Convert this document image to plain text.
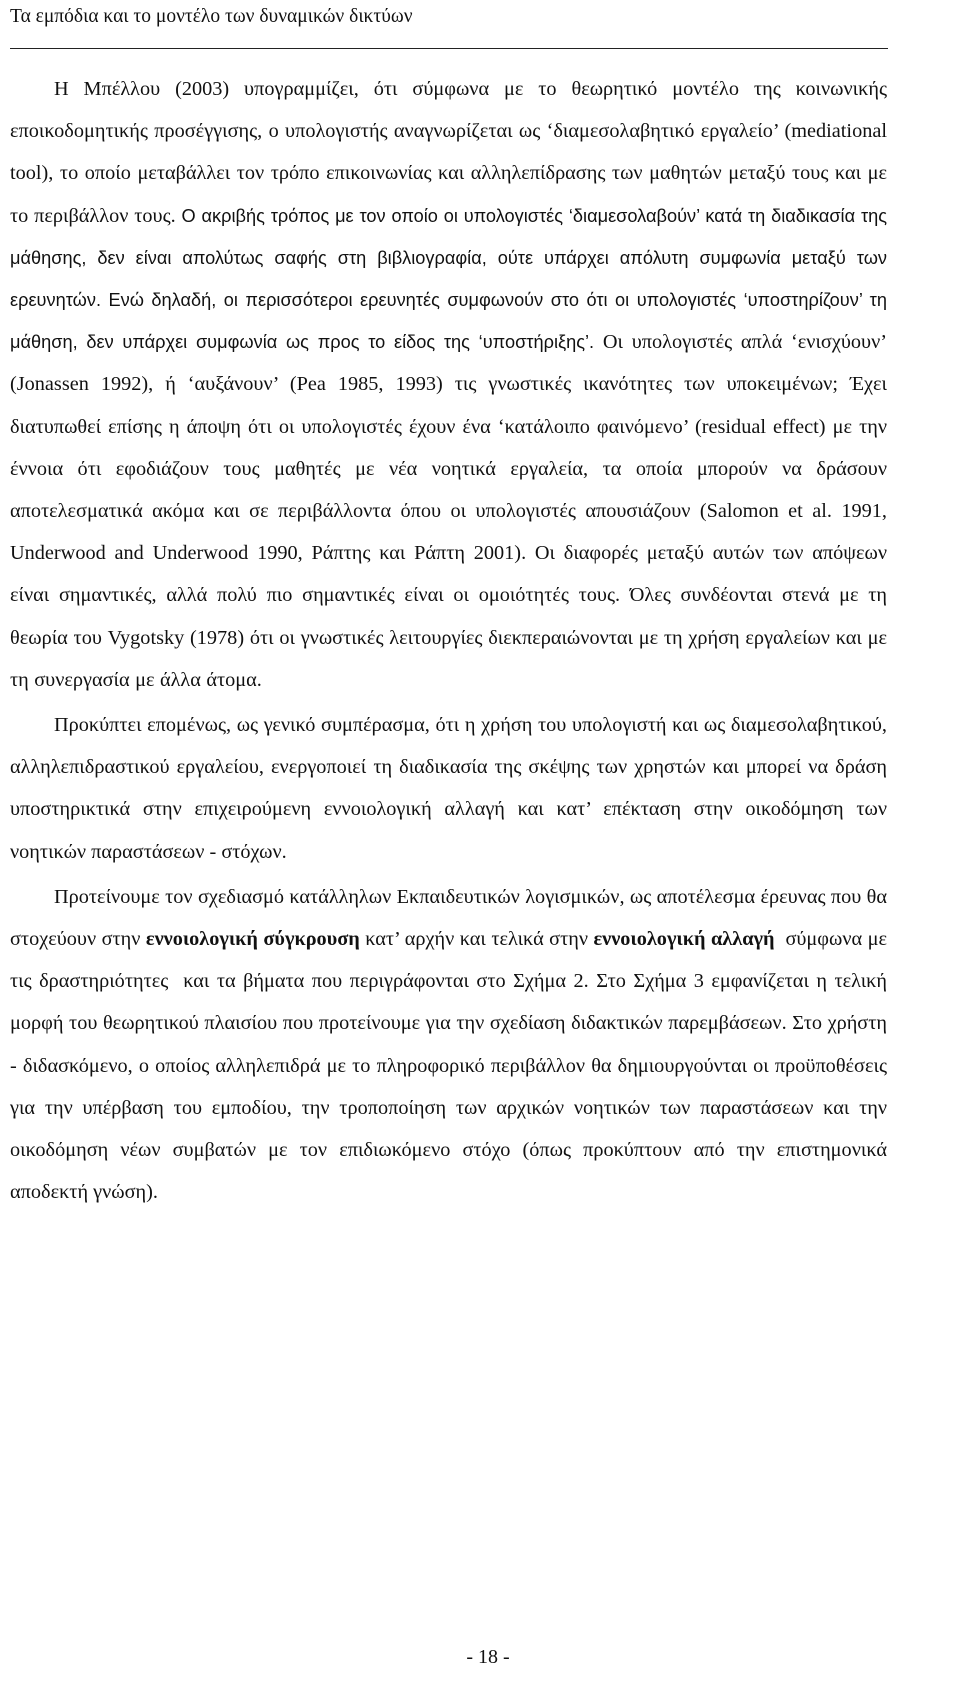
Τα εμπόδια και το μοντέλο των δυναμικών δικτύων

Η Μπέλλου (2003) υπογραμμίζει, ότι σύμφωνα με το θεωρητικό μοντέλο της κοινωνικής εποικοδομητικής προσέγγισης, ο υπολογιστής αναγνωρίζεται ως ‘διαμεσολαβητικό εργαλείο’ (mediational tool), το οποίο μεταβάλλει τον τρόπο επικοινωνίας και αλληλεπίδρασης των μαθητών μεταξύ τους και με το περιβάλλον τους. Ο ακριβής τρόπος με τον οποίο οι υπολογιστές ‘διαμεσολαβούν’ κατά τη διαδικασία της μάθησης, δεν είναι απολύτως σαφής στη βιβλιογραφία, ούτε υπάρχει απόλυτη συμφωνία μεταξύ των ερευνητών. Ενώ δηλαδή, οι περισσότεροι ερευνητές συμφωνούν στο ότι οι υπολογιστές ‘υποστηρίζουν’ τη μάθηση, δεν υπάρχει συμφωνία ως προς το είδος της ‘υποστήριξης’. Οι υπολογιστές απλά ‘ενισχύουν’ (Jonassen 1992), ή ‘αυξάνουν’ (Pea 1985, 1993) τις γνωστικές ικανότητες των υποκειμένων; Έχει διατυπωθεί επίσης η άποψη ότι οι υπολογιστές έχουν ένα ‘κατάλοιπο φαινόμενο’ (residual effect) με την έννοια ότι εφοδιάζουν τους μαθητές με νέα νοητικά εργαλεία, τα οποία μπορούν να δράσουν αποτελεσματικά ακόμα και σε περιβάλλοντα όπου οι υπολογιστές απουσιάζουν (Salomon et al. 1991, Underwood and Underwood 1990, Ράπτης και Ράπτη 2001). Οι διαφορές μεταξύ αυτών των απόψεων είναι σημαντικές, αλλά πολύ πιο σημαντικές είναι οι ομοιότητές τους. Όλες συνδέονται στενά με τη θεωρία του Vygotsky (1978) ότι οι γνωστικές λειτουργίες διεκπεραιώνονται με τη χρήση εργαλείων και με τη συνεργασία με άλλα άτομα.

Προκύπτει επομένως, ως γενικό συμπέρασμα, ότι η χρήση του υπολογιστή και ως διαμεσολαβητικού, αλληλεπιδραστικού εργαλείου, ενεργοποιεί τη διαδικασία της σκέψης των χρηστών και μπορεί να δράση υποστηρικτικά στην επιχειρούμενη εννοιολογική αλλαγή και κατ’ επέκταση στην οικοδόμηση των νοητικών παραστάσεων - στόχων.

Προτείνουμε τον σχεδιασμό κατάλληλων Εκπαιδευτικών λογισμικών, ως αποτέλεσμα έρευνας που θα στοχεύουν στην εννοιολογική σύγκρουση κατ’ αρχήν και τελικά στην εννοιολογική αλλαγή  σύμφωνα με τις δραστηριότητες  και τα βήματα που περιγράφονται στο Σχήμα 2. Στο Σχήμα 3 εμφανίζεται η τελική μορφή του θεωρητικού πλαισίου που προτείνουμε για την σχεδίαση διδακτικών παρεμβάσεων. Στο χρήστη - διδασκόμενο, ο οποίος αλληλεπιδρά με το πληροφορικό περιβάλλον θα δημιουργούνται οι προϋποθέσεις για την υπέρβαση του εμποδίου, την τροποποίηση των αρχικών νοητικών των παραστάσεων και την οικοδόμηση νέων συμβατών με τον επιδιωκόμενο στόχο (όπως προκύπτουν από την επιστημονικά αποδεκτή γνώση).

- 18 -
